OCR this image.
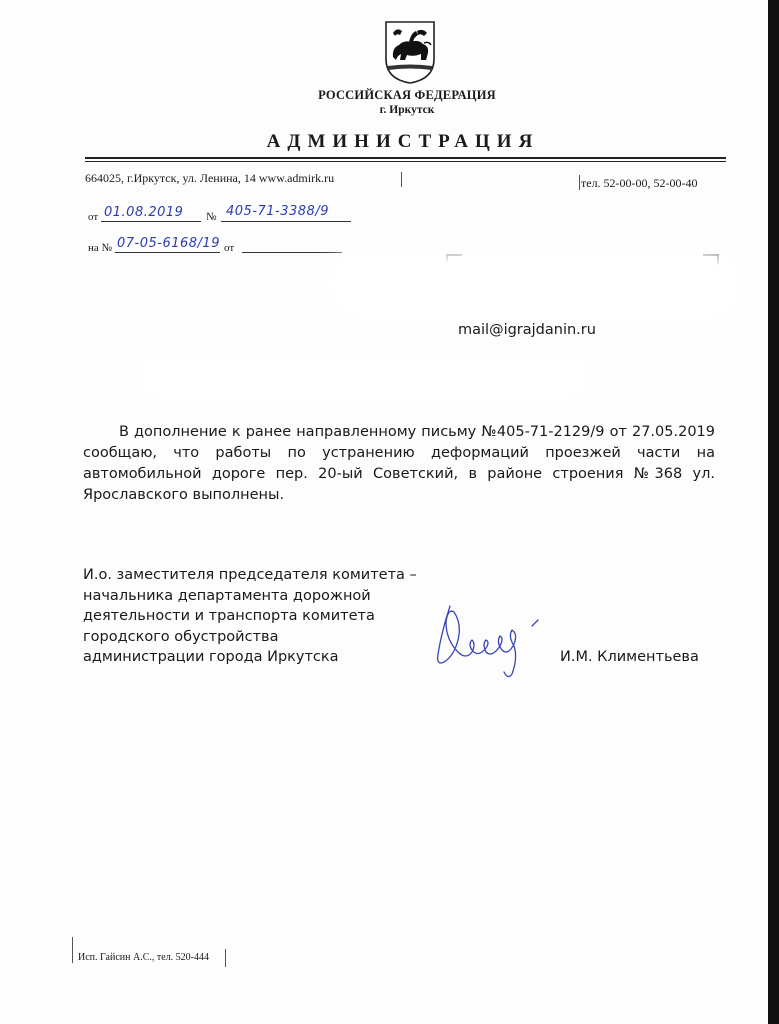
РОССИЙСКАЯ ФЕДЕРАЦИЯ
г. Иркутск
АДМИНИСТРАЦИЯ
664025, г.Иркутск, ул. Ленина, 14 www.admirk.ru	тел. 52-00-00, 52-00-40
от 01.08.2019 № 405-71-3388/9
на № 07-05-6168/19 от
mail@igrajdanin.ru

В дополнение к ранее направленному письму №405-71-2129/9 от 27.05.2019 сообщаю, что работы по устранению деформаций проезжей части на автомобильной дороге пер. 20-ый Советский, в районе строения №368 ул. Ярославского выполнены.

И.о. заместителя председателя комитета –
начальника департамента дорожной
деятельности и транспорта комитета
городского обустройства
администрации города Иркутска	И.М. Климентьева
Исп. Гайсин А.С., тел. 520-444
